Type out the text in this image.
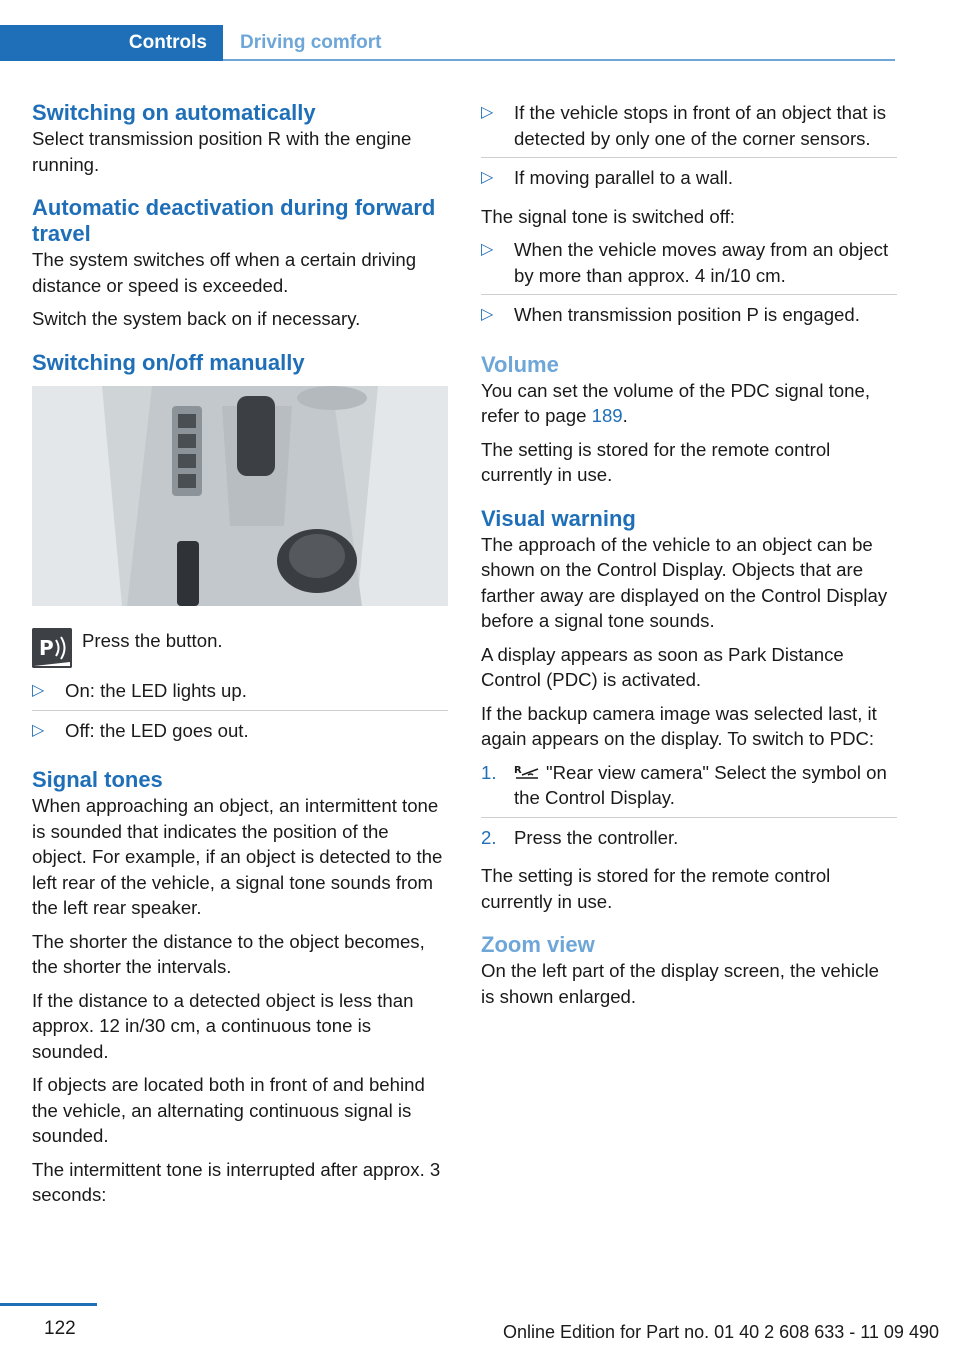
Controls	Driving comfort
Switching on automatically

Select transmission position R with the engine running.

Automatic deactivation during forward travel

The system switches off when a certain driving distance or speed is exceeded.

Switch the system back on if necessary.

Switching on/off manually
P Press the button.
▷ On: the LED lights up.
▷ Off: the LED goes out.
Signal tones

When approaching an object, an intermittent tone is sounded that indicates the position of the object. For example, if an object is detected to the left rear of the vehicle, a signal tone sounds from the left rear speaker.

The shorter the distance to the object becomes, the shorter the intervals.

If the distance to a detected object is less than approx. 12 in/30 cm, a continuous tone is sounded.

If objects are located both in front of and behind the vehicle, an alternating continuous signal is sounded.

The intermittent tone is interrupted after approx. 3 seconds:

▷ If the vehicle stops in front of an object that is detected by only one of the corner sensors.
▷ If moving parallel to a wall.

The signal tone is switched off:

▷ When the vehicle moves away from an object by more than approx. 4 in/10 cm.
▷ When transmission position P is engaged.
Volume

You can set the volume of the PDC signal tone, refer to page 189.

The setting is stored for the remote control currently in use.

Visual warning

The approach of the vehicle to an object can be shown on the Control Display. Objects that are farther away are displayed on the Control Display before a signal tone sounds.

A display appears as soon as Park Distance Control (PDC) is activated.

If the backup camera image was selected last, it again appears on the display. To switch to PDC:

1. R "Rear view camera" Select the symbol on the Control Display.
2. Press the controller.

The setting is stored for the remote control currently in use.

Zoom view

On the left part of the display screen, the vehicle is shown enlarged.

122	Online Edition for Part no. 01 40 2 608 633 - 11 09 490
